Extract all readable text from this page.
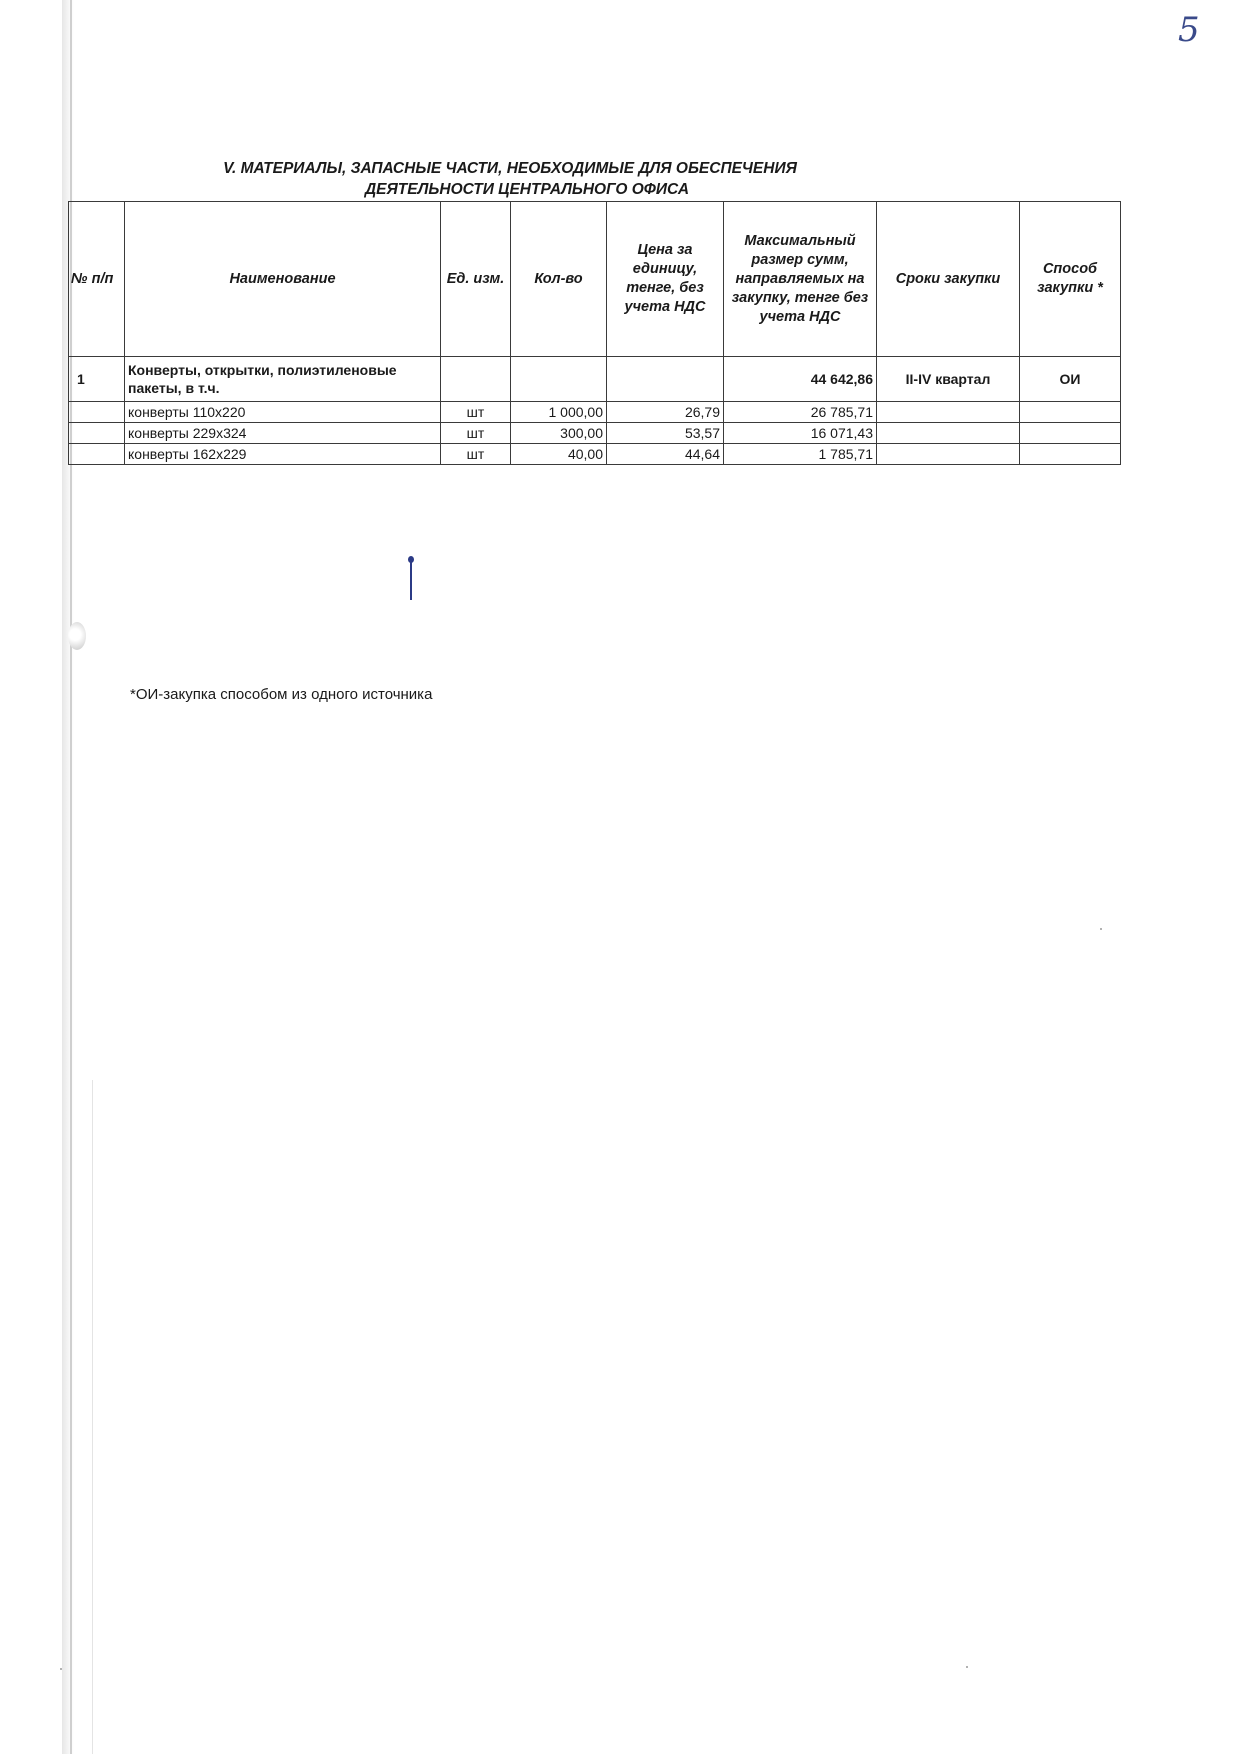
5
V. МАТЕРИАЛЫ, ЗАПАСНЫЕ ЧАСТИ, НЕОБХОДИМЫЕ ДЛЯ ОБЕСПЕЧЕНИЯ
ДЕЯТЕЛЬНОСТИ ЦЕНТРАЛЬНОГО ОФИСА
№ п/п	Наименование	Ед. изм.	Кол-во	Цена за единицу, тенге, без учета НДС	Максимальный размер сумм, направляемых на закупку, тенге без учета НДС	Сроки закупки	Способ закупки *
1	Конверты, открытки, полиэтиленовые пакеты, в т.ч.				44 642,86	II-IV квартал	ОИ
	конверты 110х220	шт	1 000,00	26,79	26 785,71		
	конверты 229х324	шт	300,00	53,57	16 071,43		
	конверты 162х229	шт	40,00	44,64	1 785,71		
*ОИ-закупка способом из одного источника
